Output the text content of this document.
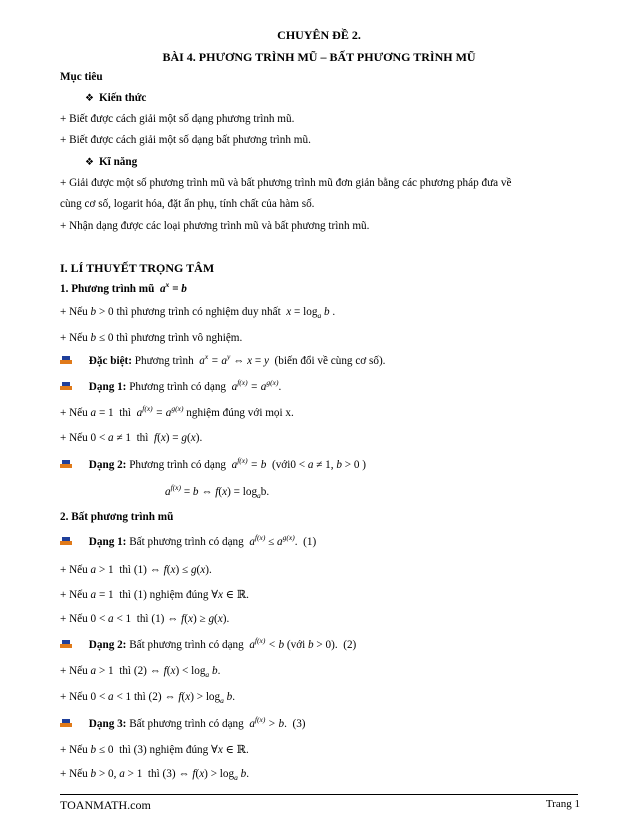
CHUYÊN ĐỀ 2.
BÀI 4. PHƯƠNG TRÌNH MŨ – BẤT PHƯƠNG TRÌNH MŨ
Mục tiêu
❖ Kiến thức
+ Biết được cách giải một số dạng phương trình mũ.
+ Biết được cách giải một số dạng bất phương trình mũ.
❖ Kĩ năng
+ Giải được một số phương trình mũ và bất phương trình mũ đơn giản bằng các phương pháp đưa về
cùng cơ số, logarit hóa, đặt ẩn phụ, tính chất của hàm số.
+ Nhận dạng được các loại phương trình mũ và bất phương trình mũ.
I. LÍ THUYẾT TRỌNG TÂM
1. Phương trình mũ $a^x = b$
+ Nếu b > 0 thì phương trình có nghiệm duy nhất $x = \log_a b$ .
+ Nếu b ≤ 0 thì phương trình vô nghiệm.
Đặc biệt: Phương trình $a^x = a^y$ ⇔ x = y (biến đổi về cùng cơ số).
Dạng 1: Phương trình có dạng $a^{f(x)} = a^{g(x)}$.
+ Nếu a = 1  thì $a^{f(x)} = a^{g(x)}$ nghiệm đúng với mọi x.
+ Nếu 0 < a ≠ 1  thì f(x) = g(x).
Dạng 2: Phương trình có dạng $a^{f(x)} = b$ (với0 < a ≠ 1, b > 0 )
$a^{f(x)} = b$ ⇔ $f(x) = \log_ab$.
2. Bất phương trình mũ
Dạng 1: Bất phương trình có dạng $a^{f(x)} \le a^{g(x)}$.  (1)
+ Nếu a > 1  thì (1) ⇔ f(x) ≤ g(x).
+ Nếu a = 1  thì (1) nghiệm đúng ∀x ∈ ℝ.
+ Nếu 0 < a < 1  thì (1) ⇔ f(x) ≥ g(x).
Dạng 2: Bất phương trình có dạng $a^{f(x)} < b$ (với b > 0).  (2)
+ Nếu a > 1  thì (2) ⇔ $f(x) < \log_a b$.
+ Nếu 0 < a < 1 thì (2) ⇔ $f(x) > \log_a b$.
Dạng 3: Bất phương trình có dạng $a^{f(x)} > b$.  (3)
+ Nếu b ≤ 0  thì (3) nghiệm đúng ∀x ∈ ℝ.
+ Nếu b > 0, a > 1  thì (3) ⇔ $f(x) > \log_a b$.
TOANMATH.com	Trang 1
